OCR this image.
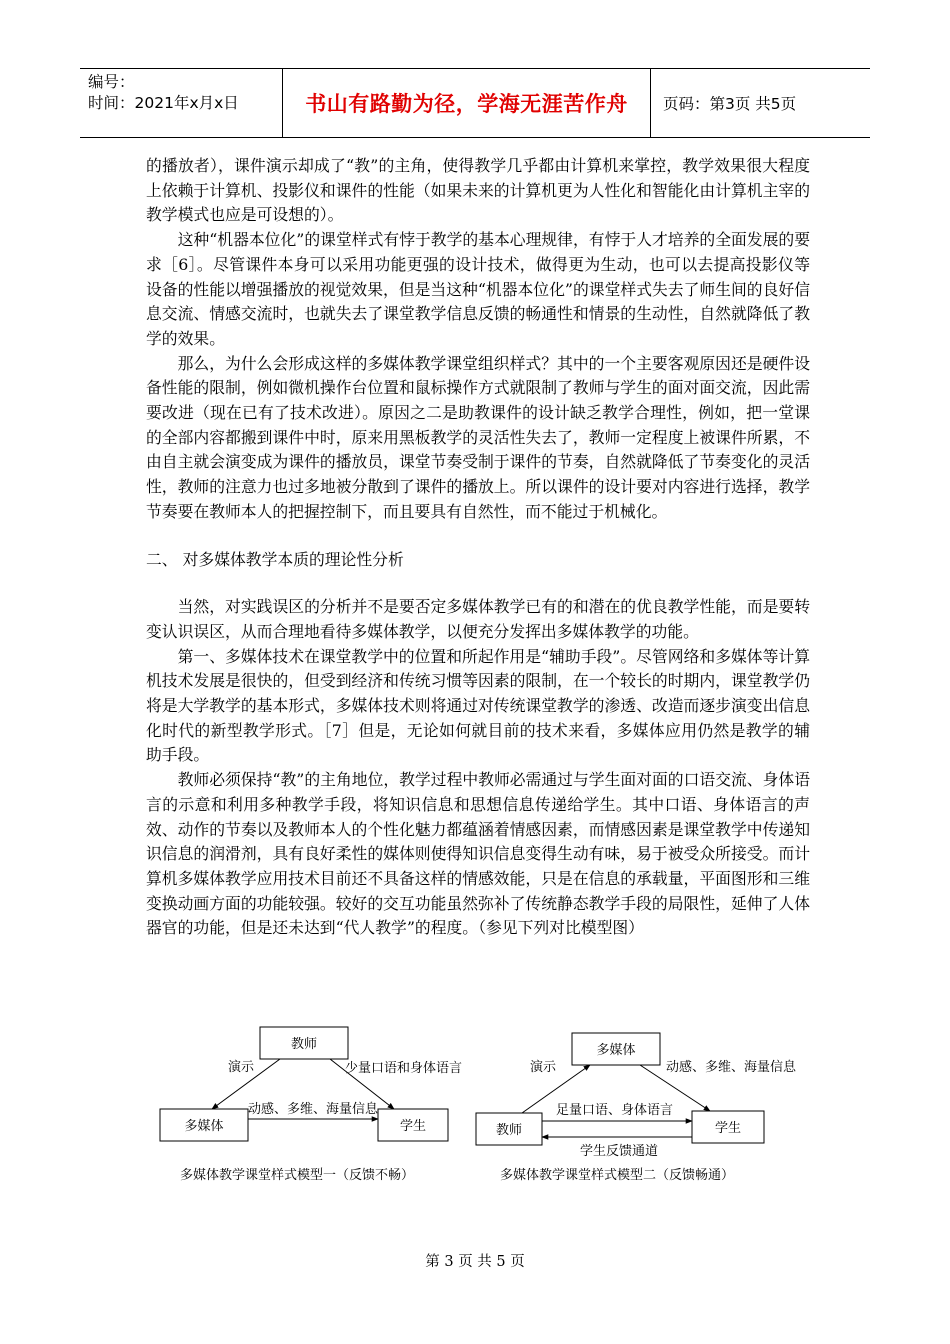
编号：
时间：2021年x月x日	书山有路勤为径，学海无涯苦作舟	页码：第3页 共5页

的播放者），课件演示却成了“教”的主角，使得教学几乎都由计算机来掌控，教学效果很大程度上依赖于计算机、投影仪和课件的性能（如果未来的计算机更为人性化和智能化由计算机主宰的教学模式也应是可设想的）。

这种“机器本位化”的课堂样式有悖于教学的基本心理规律，有悖于人才培养的全面发展的要求［6］。尽管课件本身可以采用功能更强的设计技术，做得更为生动，也可以去提高投影仪等设备的性能以增强播放的视觉效果，但是当这种“机器本位化”的课堂样式失去了师生间的良好信息交流、情感交流时，也就失去了课堂教学信息反馈的畅通性和情景的生动性，自然就降低了教学的效果。

那么，为什么会形成这样的多媒体教学课堂组织样式？其中的一个主要客观原因还是硬件设备性能的限制，例如微机操作台位置和鼠标操作方式就限制了教师与学生的面对面交流，因此需要改进（现在已有了技术改进）。原因之二是助教课件的设计缺乏教学合理性，例如，把一堂课的全部内容都搬到课件中时，原来用黑板教学的灵活性失去了，教师一定程度上被课件所累，不由自主就会演变成为课件的播放员，课堂节奏受制于课件的节奏，自然就降低了节奏变化的灵活性，教师的注意力也过多地被分散到了课件的播放上。所以课件的设计要对内容进行选择，教学节奏要在教师本人的把握控制下，而且要具有自然性，而不能过于机械化。

二、 对多媒体教学本质的理论性分析

当然，对实践误区的分析并不是要否定多媒体教学已有的和潜在的优良教学性能，而是要转变认识误区，从而合理地看待多媒体教学，以便充分发挥出多媒体教学的功能。

第一、多媒体技术在课堂教学中的位置和所起作用是“辅助手段”。尽管网络和多媒体等计算机技术发展是很快的，但受到经济和传统习惯等因素的限制，在一个较长的时期内，课堂教学仍将是大学教学的基本形式，多媒体技术则将通过对传统课堂教学的渗透、改造而逐步演变出信息化时代的新型教学形式。［7］但是，无论如何就目前的技术来看，多媒体应用仍然是教学的辅助手段。

教师必须保持“教”的主角地位，教学过程中教师必需通过与学生面对面的口语交流、身体语言的示意和利用多种教学手段，将知识信息和思想信息传递给学生。其中口语、身体语言的声效、动作的节奏以及教师本人的个性化魅力都蕴涵着情感因素，而情感因素是课堂教学中传递知识信息的润滑剂，具有良好柔性的媒体则使得知识信息变得生动有味，易于被受众所接受。而计算机多媒体教学应用技术目前还不具备这样的情感效能，只是在信息的承载量，平面图形和三维变换动画方面的功能较强。较好的交互功能虽然弥补了传统静态教学手段的局限性，延伸了人体器官的功能，但是还未达到“代人教学”的程度。（参见下列对比模型图）

教师
多媒体	学生
演示	少量口语和身体语言
动感、多维、海量信息
多媒体教学课堂样式模型一（反馈不畅）
多媒体
教师	学生
演示	动感、多维、海量信息
足量口语、身体语言
学生反馈通道
多媒体教学课堂样式模型二（反馈畅通）
第 3 页 共 5 页
